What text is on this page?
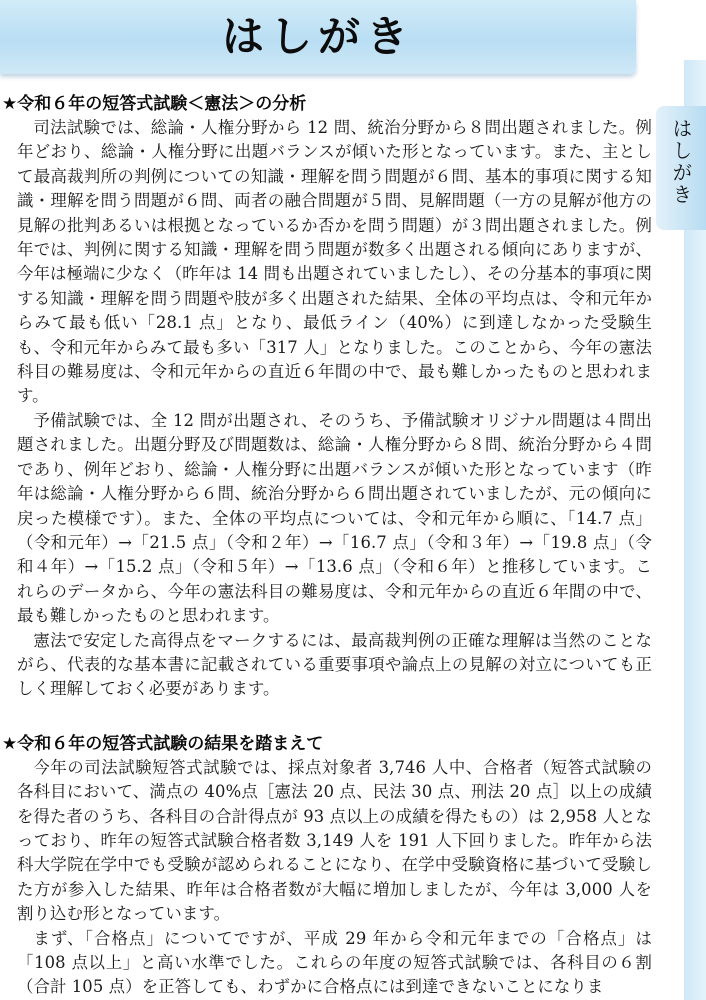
はしがき
はしがき
★令和６年の短答式試験＜憲法＞の分析

司法試験では、総論・人権分野から 12 問、統治分野から８問出題されました。例年どおり、総論・人権分野に出題バランスが傾いた形となっています。また、主として最高裁判所の判例についての知識・理解を問う問題が６問、基本的事項に関する知識・理解を問う問題が６問、両者の融合問題が５問、見解問題（一方の見解が他方の見解の批判あるいは根拠となっているか否かを問う問題）が３問出題されました。例年では、判例に関する知識・理解を問う問題が数多く出題される傾向にありますが、今年は極端に少なく（昨年は 14 問も出題されていましたし）、その分基本的事項に関する知識・理解を問う問題や肢が多く出題された結果、全体の平均点は、令和元年からみて最も低い「28.1 点」となり、最低ライン（40%）に到達しなかった受験生も、令和元年からみて最も多い「317 人」となりました。このことから、今年の憲法科目の難易度は、令和元年からの直近６年間の中で、最も難しかったものと思われます。

予備試験では、全 12 問が出題され、そのうち、予備試験オリジナル問題は４問出題されました。出題分野及び問題数は、総論・人権分野から８問、統治分野から４問であり、例年どおり、総論・人権分野に出題バランスが傾いた形となっています（昨年は総論・人権分野から６問、統治分野から６問出題されていましたが、元の傾向に戻った模様です）。また、全体の平均点については、令和元年から順に、「14.7 点」（令和元年）→「21.5 点」（令和２年）→「16.7 点」（令和３年）→「19.8 点」（令和４年）→「15.2 点」（令和５年）→「13.6 点」（令和６年）と推移しています。これらのデータから、今年の憲法科目の難易度は、令和元年からの直近６年間の中で、最も難しかったものと思われます。

憲法で安定した高得点をマークするには、最高裁判例の正確な理解は当然のことながら、代表的な基本書に記載されている重要事項や論点上の見解の対立についても正しく理解しておく必要があります。

★令和６年の短答式試験の結果を踏まえて

今年の司法試験短答式試験では、採点対象者 3,746 人中、合格者（短答式試験の各科目において、満点の 40%点［憲法 20 点、民法 30 点、刑法 20 点］以上の成績を得た者のうち、各科目の合計得点が 93 点以上の成績を得たもの）は 2,958 人となっており、昨年の短答式試験合格者数 3,149 人を 191 人下回りました。昨年から法科大学院在学中でも受験が認められることになり、在学中受験資格に基づいて受験した方が参入した結果、昨年は合格者数が大幅に増加しましたが、今年は 3,000 人を割り込む形となっています。

まず、「合格点」についてですが、平成 29 年から令和元年までの「合格点」は「108 点以上」と高い水準でした。これらの年度の短答式試験では、各科目の６割（合計 105 点）を正答しても、わずかに合格点には到達できないことになりま
